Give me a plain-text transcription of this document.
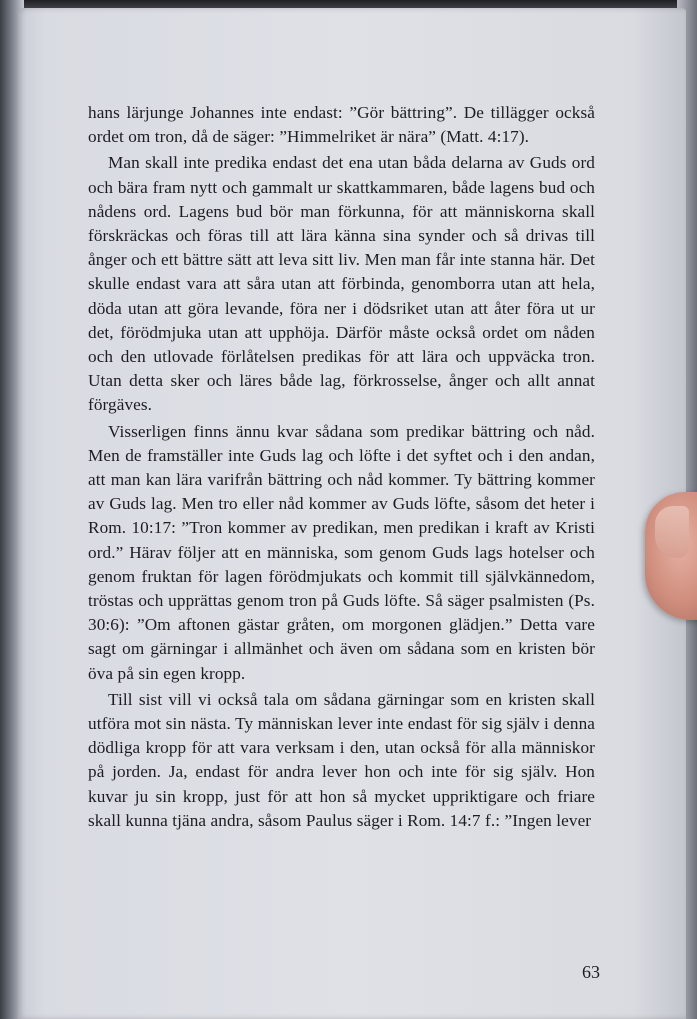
hans lärjunge Johannes inte endast: ”Gör bättring”. De tillägger också ordet om tron, då de säger: ”Himmelriket är nära” (Matt. 4:17).

Man skall inte predika endast det ena utan båda delarna av Guds ord och bära fram nytt och gammalt ur skattkammaren, både lagens bud och nådens ord. Lagens bud bör man förkunna, för att människorna skall förskräckas och föras till att lära känna sina synder och så drivas till ånger och ett bättre sätt att leva sitt liv. Men man får inte stanna här. Det skulle endast vara att såra utan att förbinda, genomborra utan att hela, döda utan att göra levande, föra ner i dödsriket utan att åter föra ut ur det, förödmjuka utan att upphöja. Därför måste också ordet om nåden och den utlovade förlåtelsen predikas för att lära och uppväcka tron. Utan detta sker och läres både lag, förkrosselse, ånger och allt annat förgäves.

Visserligen finns ännu kvar sådana som predikar bättring och nåd. Men de framställer inte Guds lag och löfte i det syftet och i den andan, att man kan lära varifrån bättring och nåd kommer. Ty bättring kommer av Guds lag. Men tro eller nåd kommer av Guds löfte, såsom det heter i Rom. 10:17: ”Tron kommer av predikan, men predikan i kraft av Kristi ord.” Härav följer att en människa, som genom Guds lags hotelser och genom fruktan för lagen förödmjukats och kommit till självkännedom, tröstas och upprättas genom tron på Guds löfte. Så säger psalmisten (Ps. 30:6): ”Om aftonen gästar gråten, om morgonen glädjen.” Detta vare sagt om gärningar i allmänhet och även om sådana som en kristen bör öva på sin egen kropp.

Till sist vill vi också tala om sådana gärningar som en kristen skall utföra mot sin nästa. Ty människan lever inte endast för sig själv i denna dödliga kropp för att vara verksam i den, utan också för alla människor på jorden. Ja, endast för andra lever hon och inte för sig själv. Hon kuvar ju sin kropp, just för att hon så mycket uppriktigare och friare skall kunna tjäna andra, såsom Paulus säger i Rom. 14:7 f.: ”Ingen lever

63
